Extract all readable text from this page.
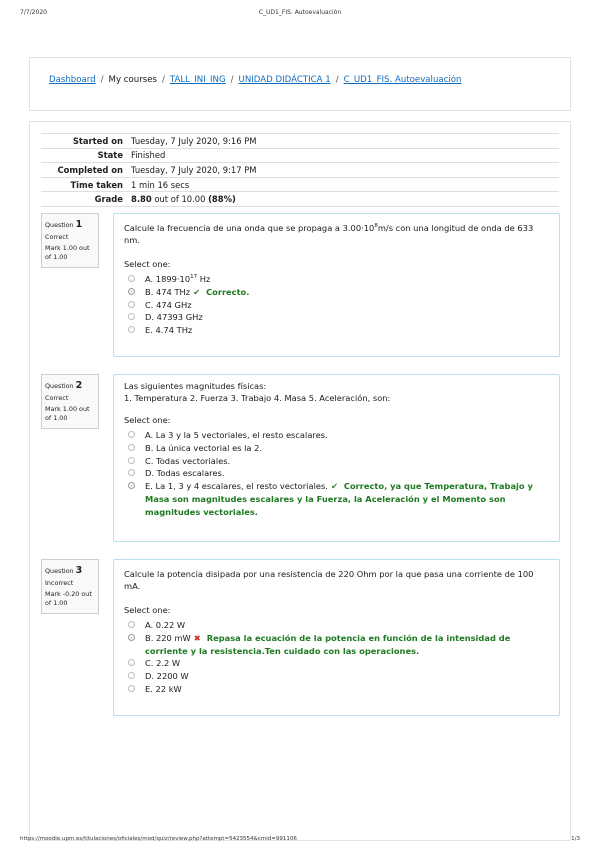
7/7/2020	C_UD1_FIS. Autoevaluación
Dashboard / My courses / TALL_INI_ING / UNIDAD DIDÁCTICA 1 / C_UD1_FIS. Autoevaluación
Started on	Tuesday, 7 July 2020, 9:16 PM
State	Finished
Completed on	Tuesday, 7 July 2020, 9:17 PM
Time taken	1 min 16 secs
Grade	8.80 out of 10.00 (88%)
Question 1
Correct
Mark 1.00 out of 1.00
Calcule la frecuencia de una onda que se propaga a $3.00\cdot 10^8m/s$ con una longitud de onda de 633 nm.
Select one:
A. $1899\cdot 10^{17}$ Hz
B. 474 THz ✔ Correcto.
C. 474 GHz
D. 47393 GHz
E. 4.74 THz
Question 2
Correct
Mark 1.00 out of 1.00
Las siguientes magnitudes físicas:
1. Temperatura 2. Fuerza 3. Trabajo 4. Masa 5. Aceleración, son:
Select one:
A. La 3 y la 5 vectoriales, el resto escalares.
B. La única vectorial es la 2.
C. Todas vectoriales.
D. Todas escalares.
E. La 1, 3 y 4 escalares, el resto vectoriales. ✔ Correcto, ya que Temperatura, Trabajo y Masa son magnitudes escalares y la Fuerza, la Aceleración y el Momento son magnitudes vectoriales.
Question 3
Incorrect
Mark -0.20 out of 1.00
Calcule la potencia disipada por una resistencia de 220 Ohm por la que pasa una corriente de 100 mA.
Select one:
A. 0.22 W
B. 220 mW ✖ Repasa la ecuación de la potencia en función de la intensidad de corriente y la resistencia.Ten cuidado con las operaciones.
C. 2.2 W
D. 2200 W
E. 22 kW
https://moodle.upm.es/titulaciones/oficiales/mod/quiz/review.php?attempt=5423554&cmid=991106	1/3
